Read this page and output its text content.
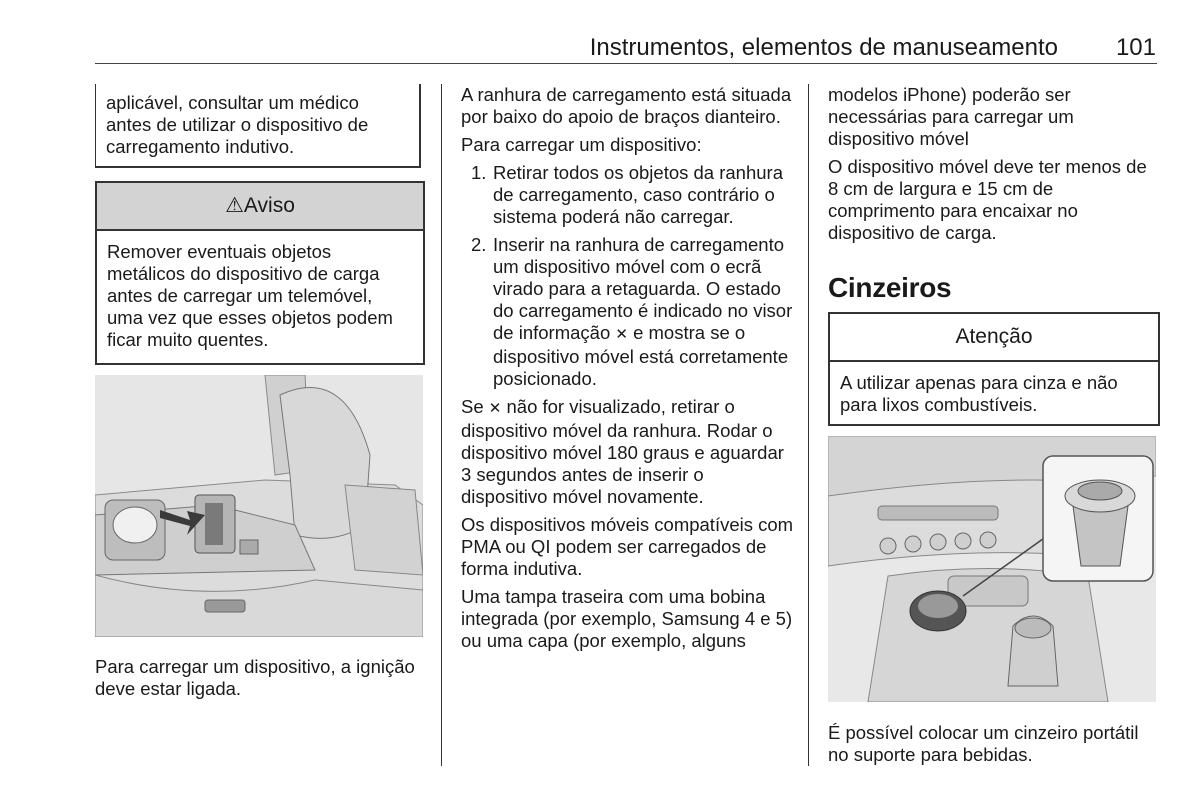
Instrumentos, elementos de manuseamento 101
aplicável, consultar um médico antes de utilizar o dispositivo de carregamento indutivo.
⚠Aviso
Remover eventuais objetos metálicos do dispositivo de carga antes de carregar um telemóvel, uma vez que esses objetos podem ficar muito quentes.

Para carregar um dispositivo, a ignição deve estar ligada.

A ranhura de carregamento está situada por baixo do apoio de braços dianteiro.

Para carregar um dispositivo:

1. Retirar todos os objetos da ranhura de carregamento, caso contrário o sistema poderá não carregar.
2. Inserir na ranhura de carregamento um dispositivo móvel com o ecrã virado para a retaguarda. O estado do carregamento é indicado no visor de informação ✕ e mostra se o dispositivo móvel está corretamente posicionado.

Se ✕ não for visualizado, retirar o dispositivo móvel da ranhura. Rodar o dispositivo móvel 180 graus e aguardar 3 segundos antes de inserir o dispositivo móvel novamente.

Os dispositivos móveis compatíveis com PMA ou QI podem ser carregados de forma indutiva.

Uma tampa traseira com uma bobina integrada (por exemplo, Samsung 4 e 5) ou uma capa (por exemplo, alguns

modelos iPhone) poderão ser necessárias para carregar um dispositivo móvel

O dispositivo móvel deve ter menos de 8 cm de largura e 15 cm de comprimento para encaixar no dispositivo de carga.

Cinzeiros
Atenção
A utilizar apenas para cinza e não para lixos combustíveis.

É possível colocar um cinzeiro portátil no suporte para bebidas.
